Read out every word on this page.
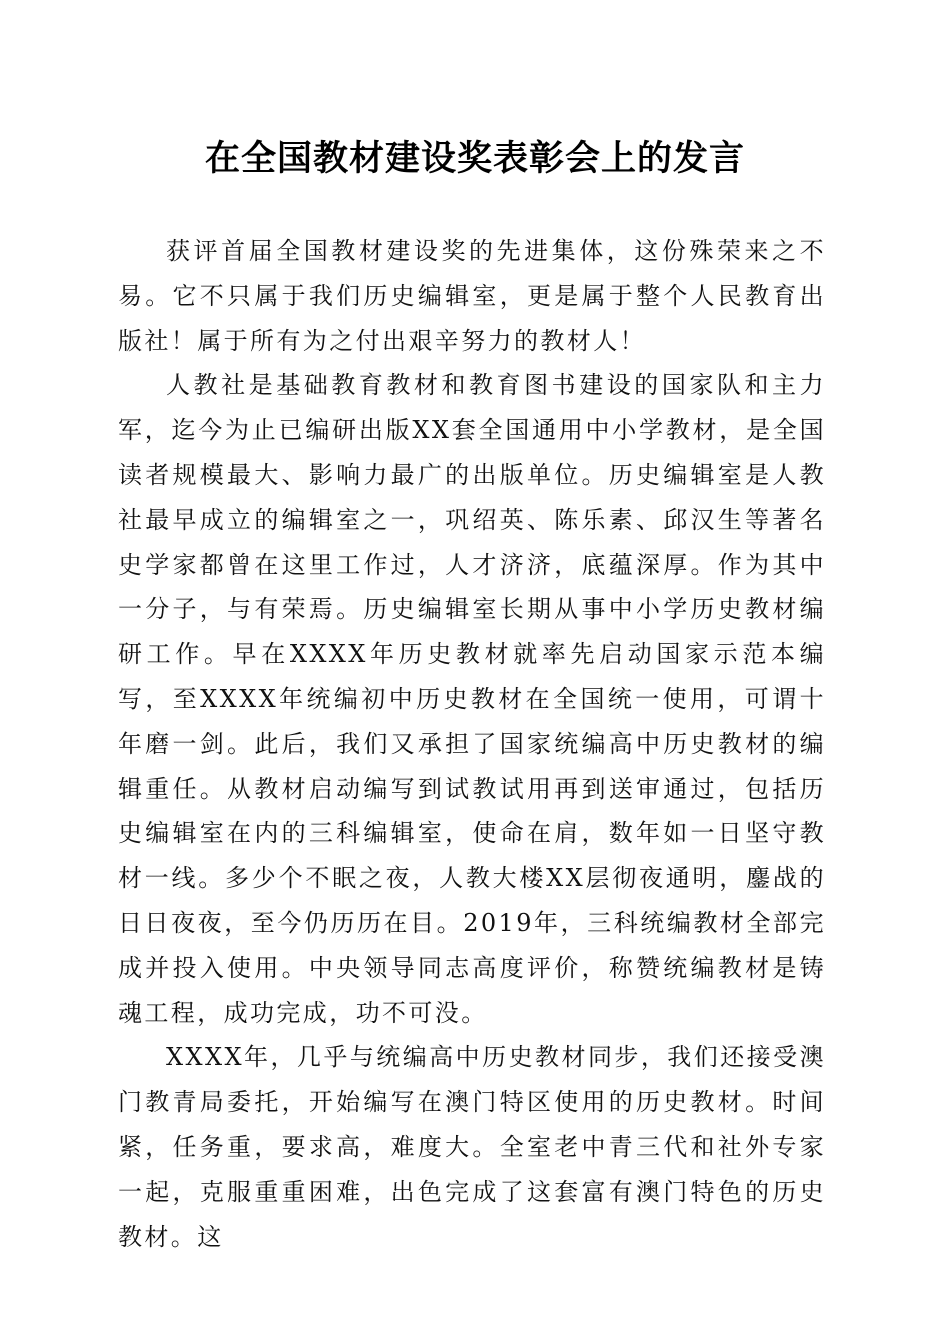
在全国教材建设奖表彰会上的发言

获评首届全国教材建设奖的先进集体，这份殊荣来之不易。它不只属于我们历史编辑室，更是属于整个人民教育出版社！属于所有为之付出艰辛努力的教材人！

人教社是基础教育教材和教育图书建设的国家队和主力军，迄今为止已编研出版XX套全国通用中小学教材，是全国读者规模最大、影响力最广的出版单位。历史编辑室是人教社最早成立的编辑室之一，巩绍英、陈乐素、邱汉生等著名史学家都曾在这里工作过，人才济济，底蕴深厚。作为其中一分子，与有荣焉。历史编辑室长期从事中小学历史教材编研工作。早在XXXX年历史教材就率先启动国家示范本编写，至XXXX年统编初中历史教材在全国统一使用，可谓十年磨一剑。此后，我们又承担了国家统编高中历史教材的编辑重任。从教材启动编写到试教试用再到送审通过，包括历史编辑室在内的三科编辑室，使命在肩，数年如一日坚守教材一线。多少个不眠之夜，人教大楼XX层彻夜通明，鏖战的日日夜夜，至今仍历历在目。2019年，三科统编教材全部完成并投入使用。中央领导同志高度评价，称赞统编教材是铸魂工程，成功完成，功不可没。

XXXX年，几乎与统编高中历史教材同步，我们还接受澳门教青局委托，开始编写在澳门特区使用的历史教材。时间紧，任务重，要求高，难度大。全室老中青三代和社外专家一起，克服重重困难，出色完成了这套富有澳门特色的历史教材。这
